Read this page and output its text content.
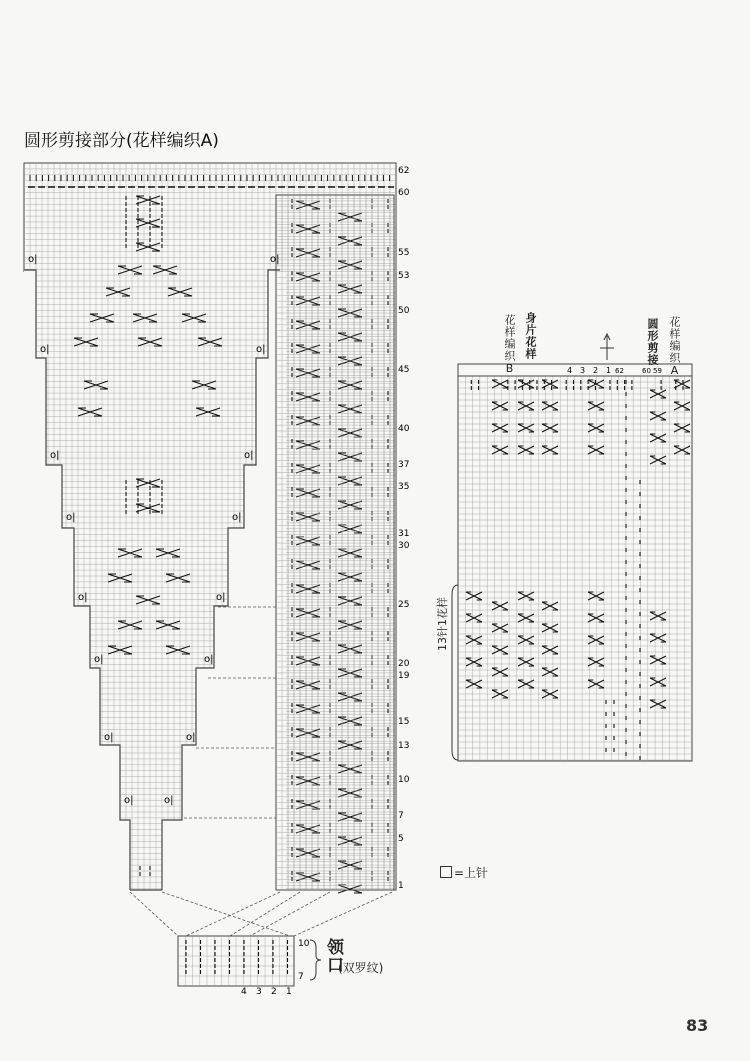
圆形剪接部分(花样编织A)
o|	o|
o|	o|
o|	o|
o|	o|
o|	o|
o|	o|
o|	o|
o|	o|
62
60
55
53
50
45
40
37
35
31
30
25
20
19
15
13
10
7
5
1
10
7
4 3 2 1
4 3 2 1 62	60 59
领口
(双罗纹)
花样编织B 身片花样	花样编织A
圆形剪接
13针1花样
=上针
83
